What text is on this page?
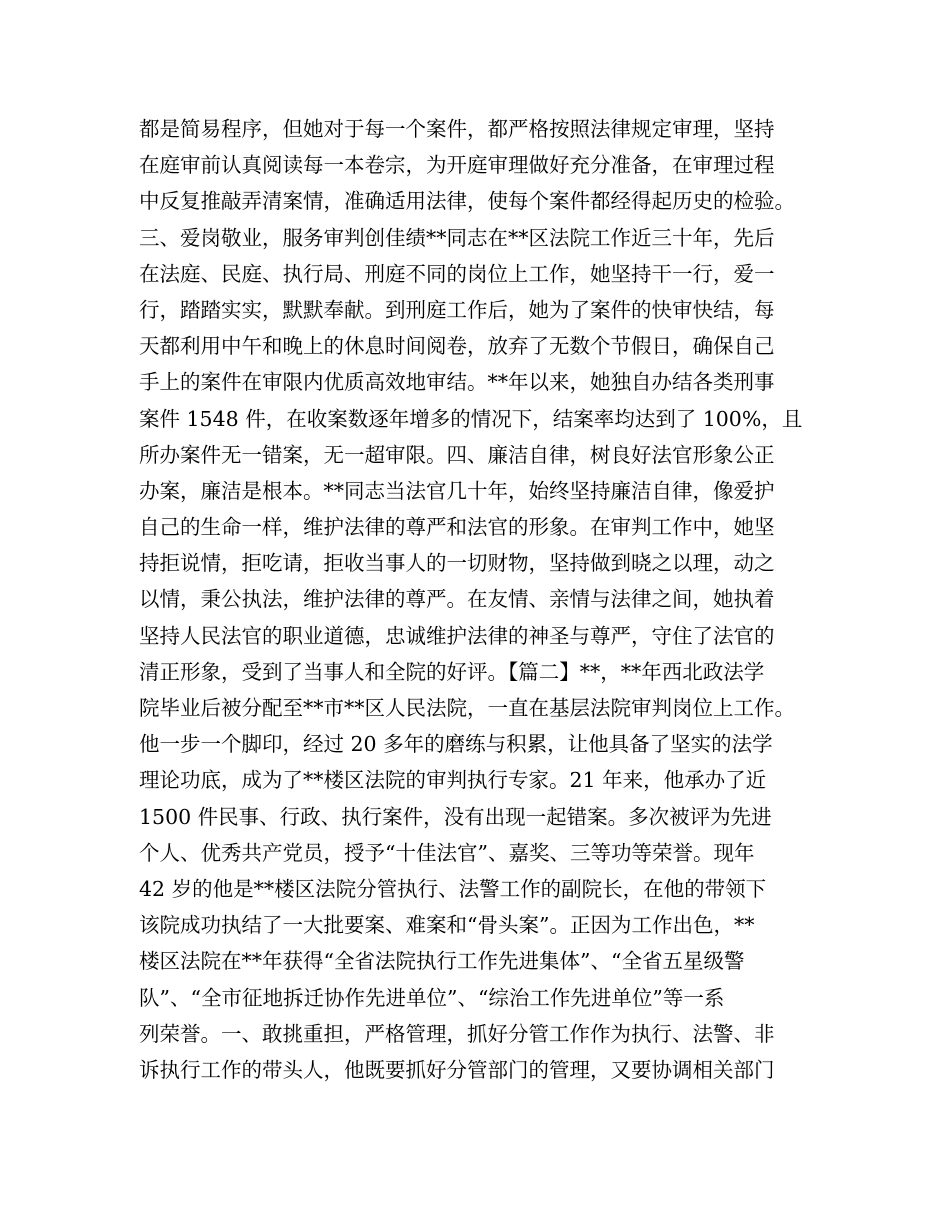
都是简易程序，但她对于每一个案件，都严格按照法律规定审理，坚持
在庭审前认真阅读每一本卷宗，为开庭审理做好充分准备，在审理过程
中反复推敲弄清案情，准确适用法律，使每个案件都经得起历史的检验。
三、爱岗敬业，服务审判创佳绩**同志在**区法院工作近三十年，先后
在法庭、民庭、执行局、刑庭不同的岗位上工作，她坚持干一行，爱一
行，踏踏实实，默默奉献。到刑庭工作后，她为了案件的快审快结，每
天都利用中午和晚上的休息时间阅卷，放弃了无数个节假日，确保自己
手上的案件在审限内优质高效地审结。**年以来，她独自办结各类刑事
案件 1548 件，在收案数逐年增多的情况下，结案率均达到了 100%，且
所办案件无一错案，无一超审限。四、廉洁自律，树良好法官形象公正
办案，廉洁是根本。**同志当法官几十年，始终坚持廉洁自律，像爱护
自己的生命一样，维护法律的尊严和法官的形象。在审判工作中，她坚
持拒说情，拒吃请，拒收当事人的一切财物，坚持做到晓之以理，动之
以情，秉公执法，维护法律的尊严。在友情、亲情与法律之间，她执着
坚持人民法官的职业道德，忠诚维护法律的神圣与尊严，守住了法官的
清正形象，受到了当事人和全院的好评。【篇二】**，**年西北政法学
院毕业后被分配至**市**区人民法院，一直在基层法院审判岗位上工作。
他一步一个脚印，经过 20 多年的磨练与积累，让他具备了坚实的法学
理论功底，成为了**楼区法院的审判执行专家。21 年来，他承办了近
1500 件民事、行政、执行案件，没有出现一起错案。多次被评为先进
个人、优秀共产党员，授予“十佳法官”、嘉奖、三等功等荣誉。现年
42 岁的他是**楼区法院分管执行、法警工作的副院长，在他的带领下
该院成功执结了一大批要案、难案和“骨头案”。正因为工作出色，**
楼区法院在**年获得“全省法院执行工作先进集体”、“全省五星级警
队”、“全市征地拆迁协作先进单位”、“综治工作先进单位”等一系
列荣誉。一、敢挑重担，严格管理，抓好分管工作作为执行、法警、非
诉执行工作的带头人，他既要抓好分管部门的管理，又要协调相关部门
